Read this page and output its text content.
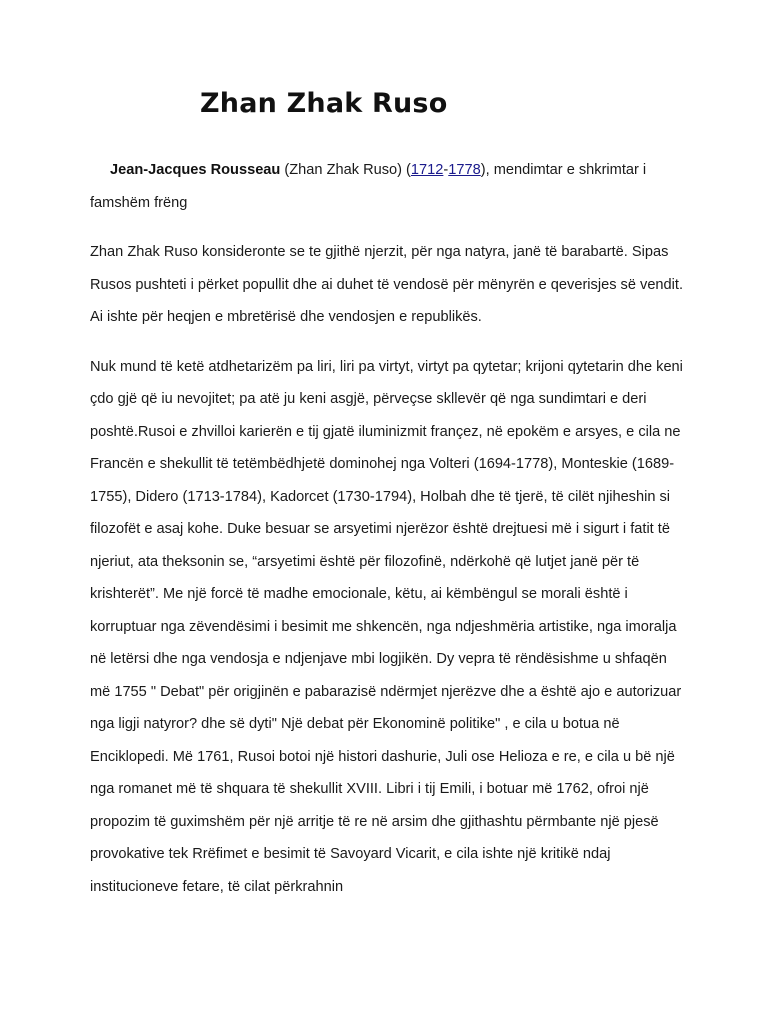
Zhan Zhak Ruso

Jean-Jacques Rousseau (Zhan Zhak Ruso) (1712-1778), mendimtar e shkrimtar i famshëm frëng

Zhan Zhak Ruso konsideronte se te gjithë njerzit, për nga natyra, janë të barabartë. Sipas Rusos pushteti i përket popullit dhe ai duhet të vendosë për mënyrën e qeverisjes së vendit. Ai ishte për heqjen e mbretërisë dhe vendosjen e republikës.

Nuk mund të ketë atdhetarizëm pa liri, liri pa virtyt, virtyt pa qytetar; krijoni qytetarin dhe keni çdo gjë që iu nevojitet; pa atë ju keni asgjë, përveçse skllevër që nga sundimtari e deri poshtë.Rusoi e zhvilloi karierën e tij gjatë iluminizmit françez, në epokëm e arsyes, e cila ne Francën e shekullit të tetëmbëdhjetë dominohej nga Volteri (1694-1778), Monteskie (1689-1755), Didero (1713-1784), Kadorcet (1730-1794), Holbah dhe të tjerë, të cilët njiheshin si filozofët e asaj kohe. Duke besuar se arsyetimi njerëzor është drejtuesi më i sigurt i fatit të njeriut, ata theksonin se, “arsyetimi është për filozofinë, ndërkohë që lutjet janë për të krishterët”. Me një forcë të madhe emocionale, këtu, ai këmbëngul se morali është i korruptuar nga zëvendësimi i besimit me shkencën, nga ndjeshmëria artistike, nga imoralja në letërsi dhe nga vendosja e ndjenjave mbi logjikën. Dy vepra të rëndësishme u shfaqën më 1755 " Debat" për origjinën e pabarazisë ndërmjet njerëzve dhe a është ajo e autorizuar nga ligji natyror? dhe së dyti" Një debat për Ekonominë politike" , e cila u botua në Enciklopedi. Më 1761, Rusoi botoi një histori dashurie, Juli ose Helioza e re, e cila u bë një nga romanet më të shquara të shekullit XVIII. Libri i tij Emili, i botuar më 1762, ofroi një propozim të guximshëm për një arritje të re në arsim dhe gjithashtu përmbante një pjesë provokative tek Rrëfimet e besimit të Savoyard Vicarit, e cila ishte një kritikë ndaj institucioneve fetare, të cilat përkrahnin
